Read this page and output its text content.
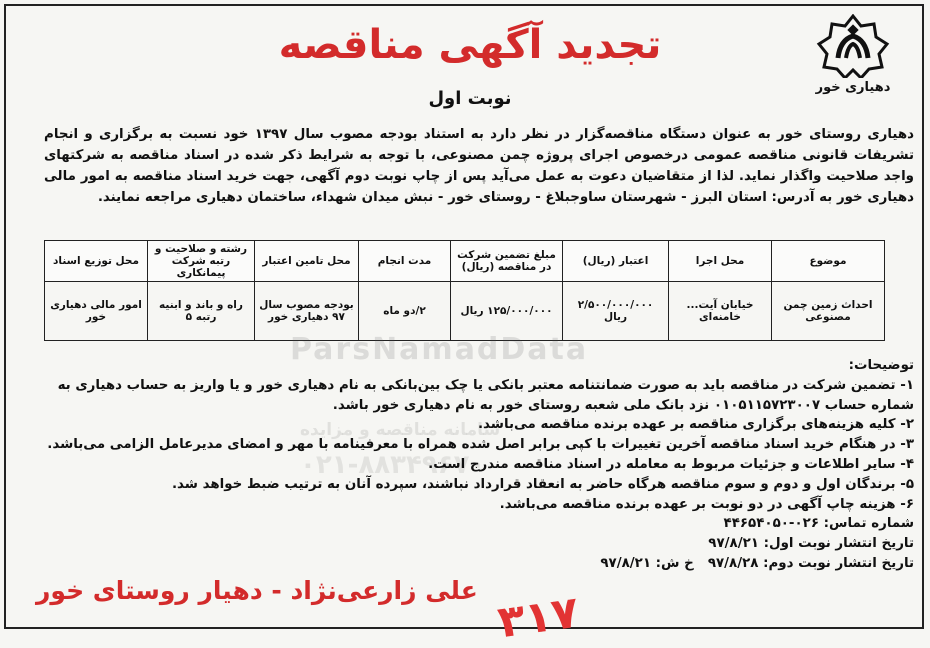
دهیاری خور
تجدید آگهی مناقصه
نوبت اول
دهیاری روستای خور به عنوان دستگاه مناقصه‌گزار در نظر دارد به استناد بودجه مصوب سال ۱۳۹۷ خود نسبت به برگزاری و انجام تشریفات قانونی مناقصه عمومی درخصوص اجرای پروژه چمن مصنوعی، با توجه به شرایط ذکر شده در اسناد مناقصه به شرکتهای واجد صلاحیت واگذار نماید. لذا از متقاضیان دعوت به عمل می‌آید پس از چاپ نوبت دوم آگهی، جهت خرید اسناد مناقصه به امور مالی دهیاری خور به آدرس: استان البرز - شهرستان ساوجبلاغ - روستای خور - نبش میدان شهداء، ساختمان دهیاری مراجعه نمایند.
موضوع	محل اجرا	اعتبار (ریال)	مبلغ تضمین شرکت در مناقصه (ریال)	مدت انجام	محل تامین اعتبار	رشته و صلاحیت و رتبه شرکت پیمانکاری	محل توزیع اسناد
احداث زمین چمن مصنوعی	خیابان آیت... خامنه‌ای	۲/۵۰۰/۰۰۰/۰۰۰ ریال	۱۲۵/۰۰۰/۰۰۰ ریال	۲/دو ماه	بودجه مصوب سال ۹۷ دهیاری خور	راه و باند و ابنیه رتبه ۵	امور مالی دهیاری خور
ParsNamadData
سامانه مناقصه و مزایده
۰۲۱-۸۸۳۴۹۶۷۰

توضیحات:

۱- تضمین شرکت در مناقصه باید به صورت ضمانتنامه معتبر بانکی یا چک بین‌بانکی به نام دهیاری خور و یا واریز به حساب دهیاری به شماره حساب ۰۱۰۵۱۱۵۷۲۳۰۰۷ نزد بانک ملی شعبه روستای خور به نام دهیاری خور باشد.

۲- کلیه هزینه‌های برگزاری مناقصه بر عهده برنده مناقصه می‌باشد.

۳- در هنگام خرید اسناد مناقصه آخرین تغییرات با کپی برابر اصل شده همراه با معرفینامه با مهر و امضای مدیرعامل الزامی می‌باشد.

۴- سایر اطلاعات و جزئیات مربوط به معامله در اسناد مناقصه مندرج است.

۵- برندگان اول و دوم و سوم مناقصه هرگاه حاضر به انعقاد قرارداد نباشند، سپرده آنان به ترتیب ضبط خواهد شد.

۶- هزینه چاپ آگهی در دو نوبت بر عهده برنده مناقصه می‌باشد.

شماره تماس: ۰۲۶-۴۴۶۵۴۰۵۰

تاریخ انتشار نوبت اول: ۹۷/۸/۲۱

تاریخ انتشار نوبت دوم: ۹۷/۸/۲۸   خ ش: ۹۷/۸/۲۱

علی زارعی‌نژاد - دهیار روستای خور ۳۱۷
